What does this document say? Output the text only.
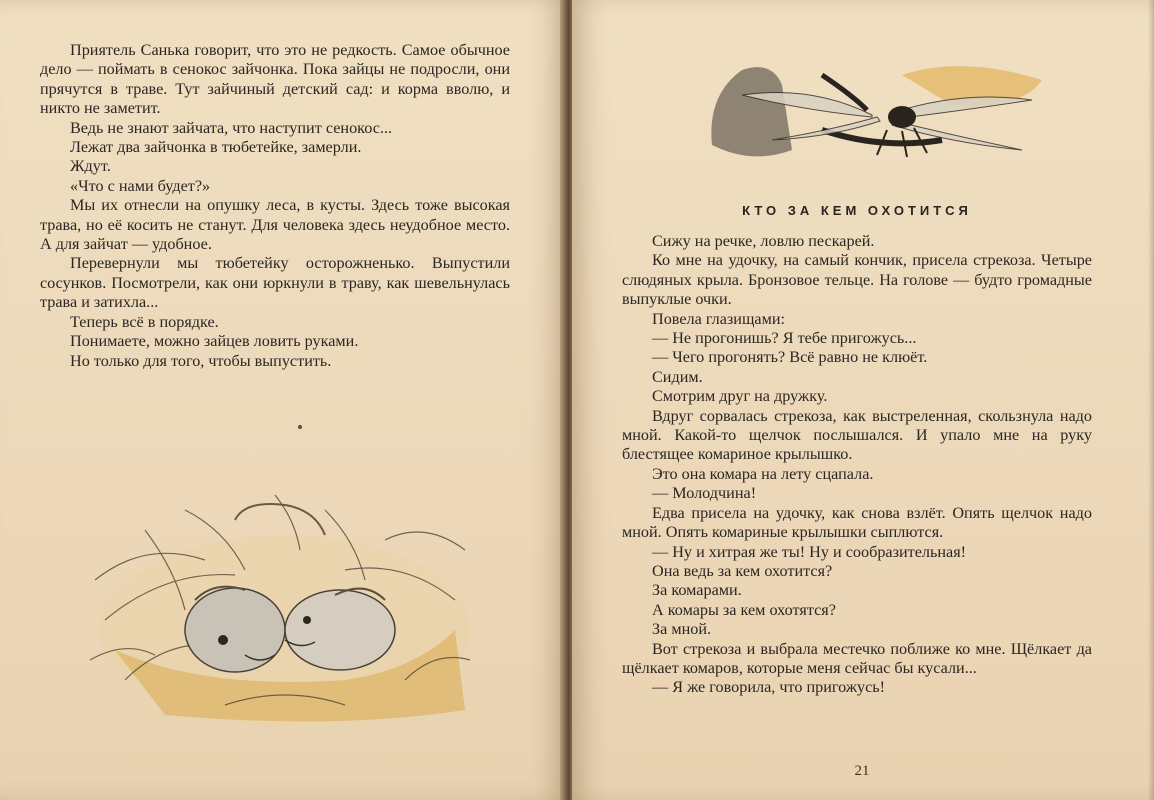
Приятель Санька говорит, что это не редкость. Самое обычное дело — поймать в сенокос зайчонка. Пока зайцы не подросли, они прячутся в траве. Тут зайчиный детский сад: и корма вволю, и никто не заметит.

Ведь не знают зайчата, что наступит сенокос...

Лежат два зайчонка в тюбетейке, замерли.

Ждут.

«Что с нами будет?»

Мы их отнесли на опушку леса, в кусты. Здесь тоже высокая трава, но её косить не станут. Для человека здесь неудобное место. А для зайчат — удобное.

Перевернули мы тюбетейку осторожненько. Выпустили сосунков. Посмотрели, как они юркнули в траву, как шевельнулась трава и затихла...

Теперь всё в порядке.

Понимаете, можно зайцев ловить руками.

Но только для того, чтобы выпустить.

КТО ЗА КЕМ ОХОТИТСЯ

Сижу на речке, ловлю пескарей.

Ко мне на удочку, на самый кончик, присела стрекоза. Четыре слюдяных крыла. Бронзовое тельце. На голове — будто громадные выпуклые очки.

Повела глазищами:

— Не прогонишь? Я тебе пригожусь...

— Чего прогонять? Всё равно не клюёт.

Сидим.

Смотрим друг на дружку.

Вдруг сорвалась стрекоза, как выстреленная, скользнула надо мной. Какой-то щелчок послышался. И упало мне на руку блестящее комариное крылышко.

Это она комара на лету сцапала.

— Молодчина!

Едва присела на удочку, как снова взлёт. Опять щелчок надо мной. Опять комариные крылышки сыплются.

— Ну и хитрая же ты! Ну и сообразительная!

Она ведь за кем охотится?

За комарами.

А комары за кем охотятся?

За мной.

Вот стрекоза и выбрала местечко поближе ко мне. Щёлкает да щёлкает комаров, которые меня сейчас бы кусали...

— Я же говорила, что пригожусь!

21
